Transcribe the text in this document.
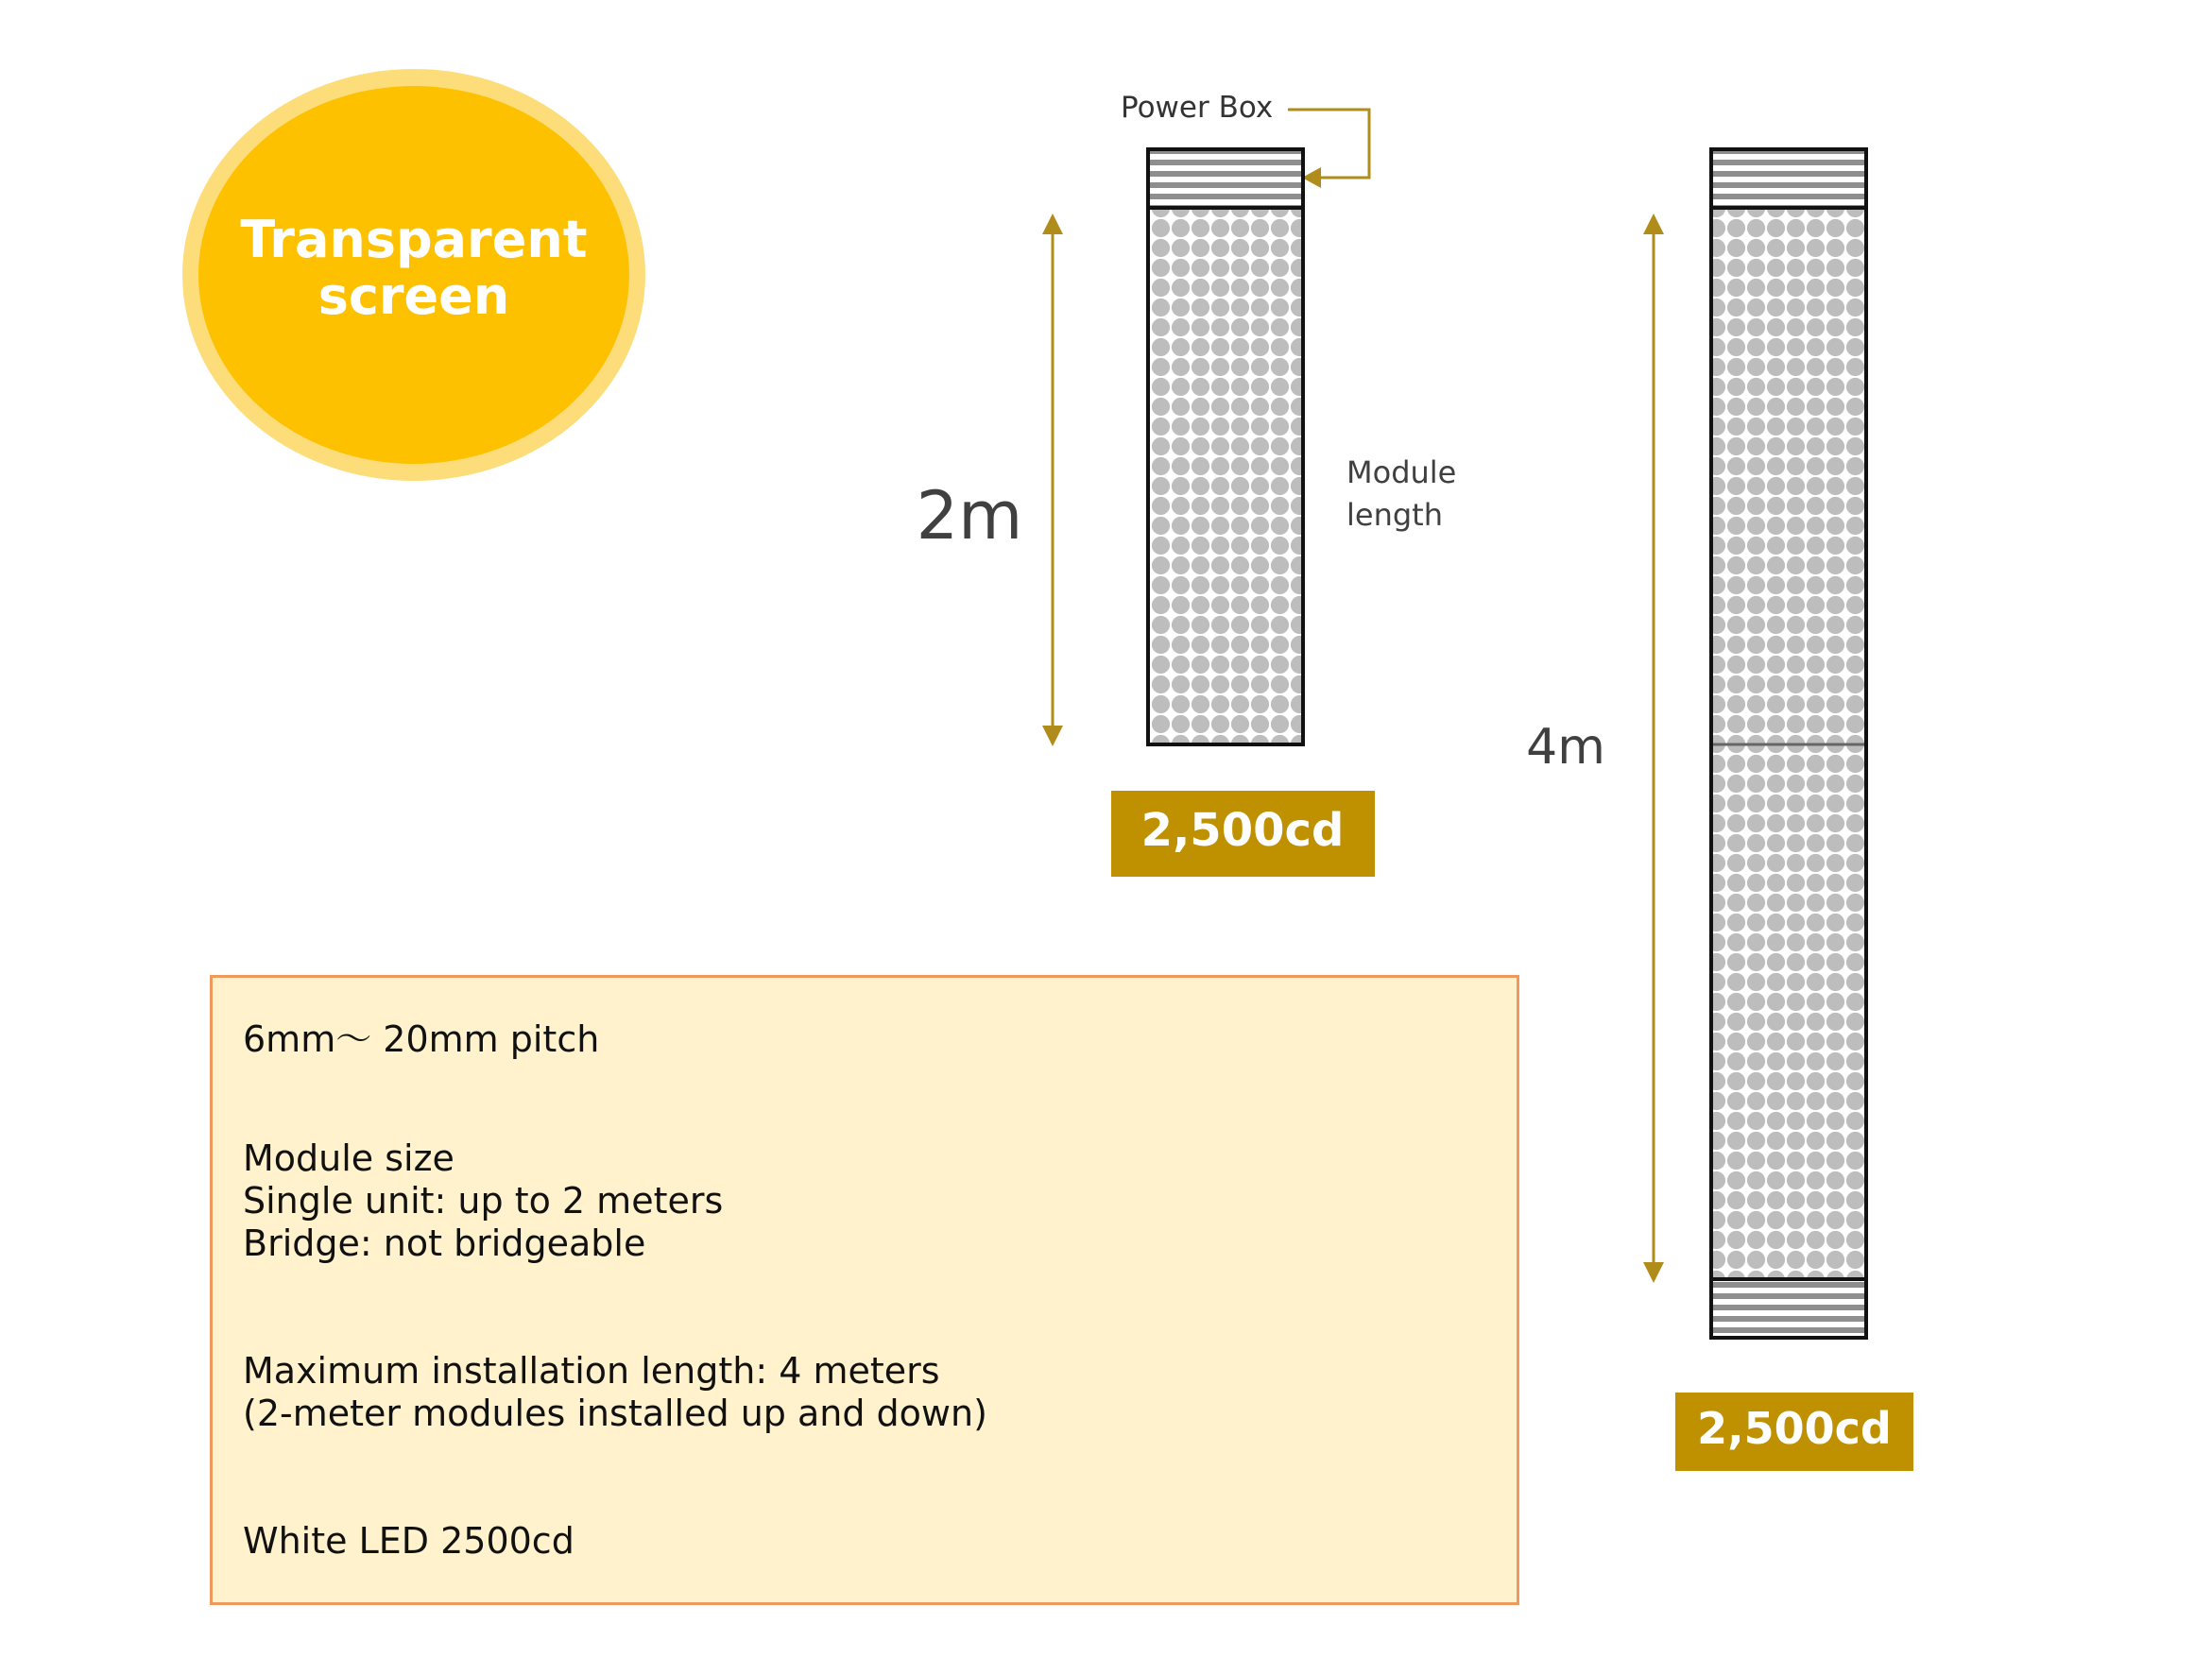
Transparent
screen
Power Box
2m
Module
length
2,500cd
4m
2,500cd
6mm～ 20mm pitch
Module size
Single unit: up to 2 meters
Bridge: not bridgeable
Maximum installation length: 4 meters
(2-meter modules installed up and down)
White LED 2500cd
